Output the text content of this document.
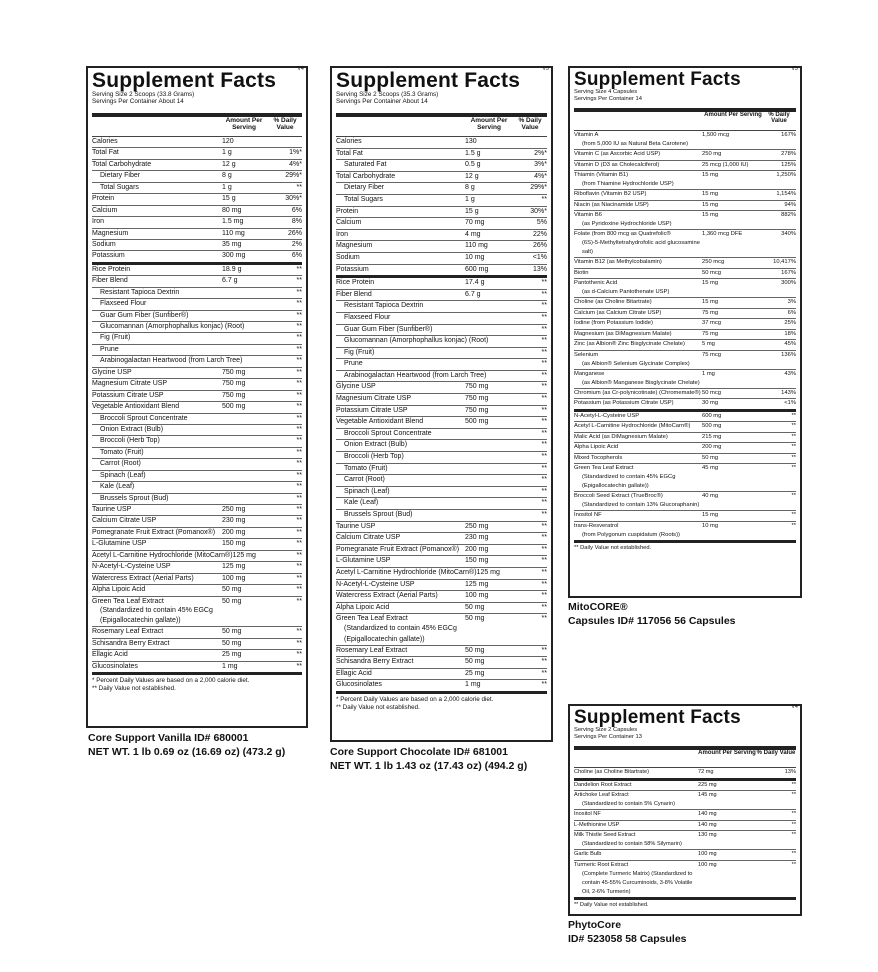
Supplement Facts	V4
Serving Size 2 Scoops (33.8 Grams)
Servings Per Container About 14
Amount Per Serving
% Daily Value
Calories	120
Total Fat	1 g	1%*
Total Carbohydrate	12 g	4%*
Dietary Fiber	8 g	29%*
Total Sugars	1 g	**
Protein	15 g	30%*
Calcium	80 mg	6%
Iron	1.5 mg	8%
Magnesium	110 mg	26%
Sodium	35 mg	2%
Potassium	300 mg	6%
Rice Protein	18.9 g	**
Fiber Blend	6.7 g	**
Resistant Tapioca Dextrin	**
Flaxseed Flour	**
Guar Gum Fiber (Sunfiber®)	**
Glucomannan (Amorphophallus konjac) (Root)	**
Fig (Fruit)	**
Prune	**
Arabinogalactan Heartwood (from Larch Tree)	**
Glycine USP	750 mg	**
Magnesium Citrate USP	750 mg	**
Potassium Citrate USP	750 mg	**
Vegetable Antioxidant Blend	500 mg	**
Broccoli Sprout Concentrate	**
Onion Extract (Bulb)	**
Broccoli (Herb Top)	**
Tomato (Fruit)	**
Carrot (Root)	**
Spinach (Leaf)	**
Kale (Leaf)	**
Brussels Sprout (Bud)	**
Taurine USP	250 mg	**
Calcium Citrate USP	230 mg	**
Pomegranate Fruit Extract (Pomanox®) 200 mg	**
L-Glutamine USP	150 mg	**
Acetyl L-Carnitine Hydrochloride (MitoCarn®) 125 mg	**
N-Acetyl-L-Cysteine USP	125 mg	**
Watercress Extract (Aerial Parts)	100 mg	**
Alpha Lipoic Acid	50 mg	**
Green Tea Leaf Extract
(Standardized to contain 45% EGCg (Epigallocatechin gallate))
50 mg	**
Rosemary Leaf Extract	50 mg	**
Schisandra Berry Extract	50 mg	**
Ellagic Acid	25 mg	**
Glucosinolates	1 mg	**
* Percent Daily Values are based on a 2,000 calorie diet.
** Daily Value not established.
Core Support Vanilla ID# 680001
NET WT. 1 lb 0.69 oz (16.69 oz) (473.2 g)
Supplement Facts	V5
Serving Size 2 Scoops (35.3 Grams)
Servings Per Container About 14
Amount Per Serving
% Daily Value
Calories	130
Total Fat	1.5 g	2%*
Saturated Fat	0.5 g	3%*
Total Carbohydrate	12 g	4%*
Dietary Fiber	8 g	29%*
Total Sugars	1 g	**
Protein	15 g	30%*
Calcium	70 mg	5%
Iron	4 mg	22%
Magnesium	110 mg	26%
Sodium	10 mg	<1%
Potassium	600 mg	13%
Rice Protein	17.4 g	**
Fiber Blend	6.7 g	**
Resistant Tapioca Dextrin	**
Flaxseed Flour	**
Guar Gum Fiber (Sunfiber®)	**
Glucomannan (Amorphophallus konjac) (Root)	**
Fig (Fruit)	**
Prune	**
Arabinogalactan Heartwood (from Larch Tree)	**
Glycine USP	750 mg	**
Magnesium Citrate USP	750 mg	**
Potassium Citrate USP	750 mg	**
Vegetable Antioxidant Blend	500 mg	**
Broccoli Sprout Concentrate	**
Onion Extract (Bulb)	**
Broccoli (Herb Top)	**
Tomato (Fruit)	**
Carrot (Root)	**
Spinach (Leaf)	**
Kale (Leaf)	**
Brussels Sprout (Bud)	**
Taurine USP	250 mg	**
Calcium Citrate USP	230 mg	**
Pomegranate Fruit Extract (Pomanox®) 200 mg	**
L-Glutamine USP	150 mg	**
Acetyl L-Carnitine Hydrochloride (MitoCarn®) 125 mg	**
N-Acetyl-L-Cysteine USP	125 mg	**
Watercress Extract (Aerial Parts)	100 mg	**
Alpha Lipoic Acid	50 mg	**
Green Tea Leaf Extract
(Standardized to contain 45% EGCg (Epigallocatechin gallate))
50 mg	**
Rosemary Leaf Extract	50 mg	**
Schisandra Berry Extract	50 mg	**
Ellagic Acid	25 mg	**
Glucosinolates	1 mg	**
* Percent Daily Values are based on a 2,000 calorie diet.
** Daily Value not established.
Core Support Chocolate ID# 681001
NET WT. 1 lb 1.43 oz (17.43 oz) (494.2 g)
Supplement Facts	V3
Serving Size 4 Capsules
Servings Per Container 14
Amount Per Serving	% Daily Value
Vitamin A
(from 5,000 IU as Natural Beta Carotene)
1,500 mcg	167%
Vitamin C (as Ascorbic Acid USP)	250 mg	278%
Vitamin D (D3 as Cholecalciferol)	25 mcg (1,000 IU)	125%
Thiamin (Vitamin B1)
(from Thiamine Hydrochloride USP)
15 mg	1,250%
Riboflavin (Vitamin B2 USP)	15 mg	1,154%
Niacin (as Niacinamide USP)	15 mg	94%
Vitamin B6
(as Pyridoxine Hydrochloride USP)
15 mg	882%
Folate (from 800 mcg as Quatrefolic®
(6S)-5-Methyltetrahydrofolic acid glucosamine salt)
1,360 mcg DFE	340%
Vitamin B12 (as Methylcobalamin)	250 mcg	10,417%
Biotin	50 mcg	167%
Pantothenic Acid
(as d-Calcium Pantothenate USP)
15 mg	300%
Choline (as Choline Bitartrate)	15 mg	3%
Calcium (as Calcium Citrate USP)	75 mg	6%
Iodine (from Potassium Iodide)	37 mcg	25%
Magnesium (as DiMagnesium Malate)	75 mg	18%
Zinc (as Albion® Zinc Bisglycinate Chelate)	5 mg	45%
Selenium
(as Albion® Selenium Glycinate Complex)
75 mcg	136%
Manganese
(as Albion® Manganese Bisglycinate Chelate)
1 mg	43%
Chromium (as Cr-polynicotinate) (Chromemate®) 50 mcg	143%
Potassium (as Potassium Citrate USP)	30 mg	<1%
N-Acetyl-L-Cysteine USP	600 mg	**
Acetyl L-Carnitine Hydrochloride (MitoCarn®)	500 mg	**
Malic Acid (as DiMagnesium Malate)	215 mg	**
Alpha Lipoic Acid	200 mg	**
Mixed Tocopherols	50 mg	**
Green Tea Leaf Extract
(Standardized to contain 45% EGCg (Epigallocatechin gallate))
45 mg	**
Broccoli Seed Extract (TrueBroc®)
(Standardized to contain 13% Glucoraphanin)
40 mg	**
Inositol NF	15 mg	**
trans-Resveratrol
(from Polygonum cuspidatum (Roots))
10 mg	**
** Daily Value not established.
MitoCORE®
Capsules ID# 117056 56 Capsules
Supplement Facts	V4
Serving Size 2 Capsules
Servings Per Container 13
Amount Per Serving % Daily Value
Choline (as Choline Bitartrate)	72 mg	13%
Dandelion Root Extract	225 mg	**
Artichoke Leaf Extract
(Standardized to contain 5% Cynarin)
145 mg	**
Inositol NF	140 mg	**
L-Methionine USP	140 mg	**
Milk Thistle Seed Extract
(Standardized to contain 58% Silymarin)
130 mg	**
Garlic Bulb	100 mg	**
Turmeric Root Extract
(Complete Turmeric Matrix) (Standardized to contain 45-55% Curcuminoids, 3-8% Volatile Oil, 2-6% Turmerin)
100 mg	**
** Daily Value not established.
PhytoCore
ID# 523058 58 Capsules
